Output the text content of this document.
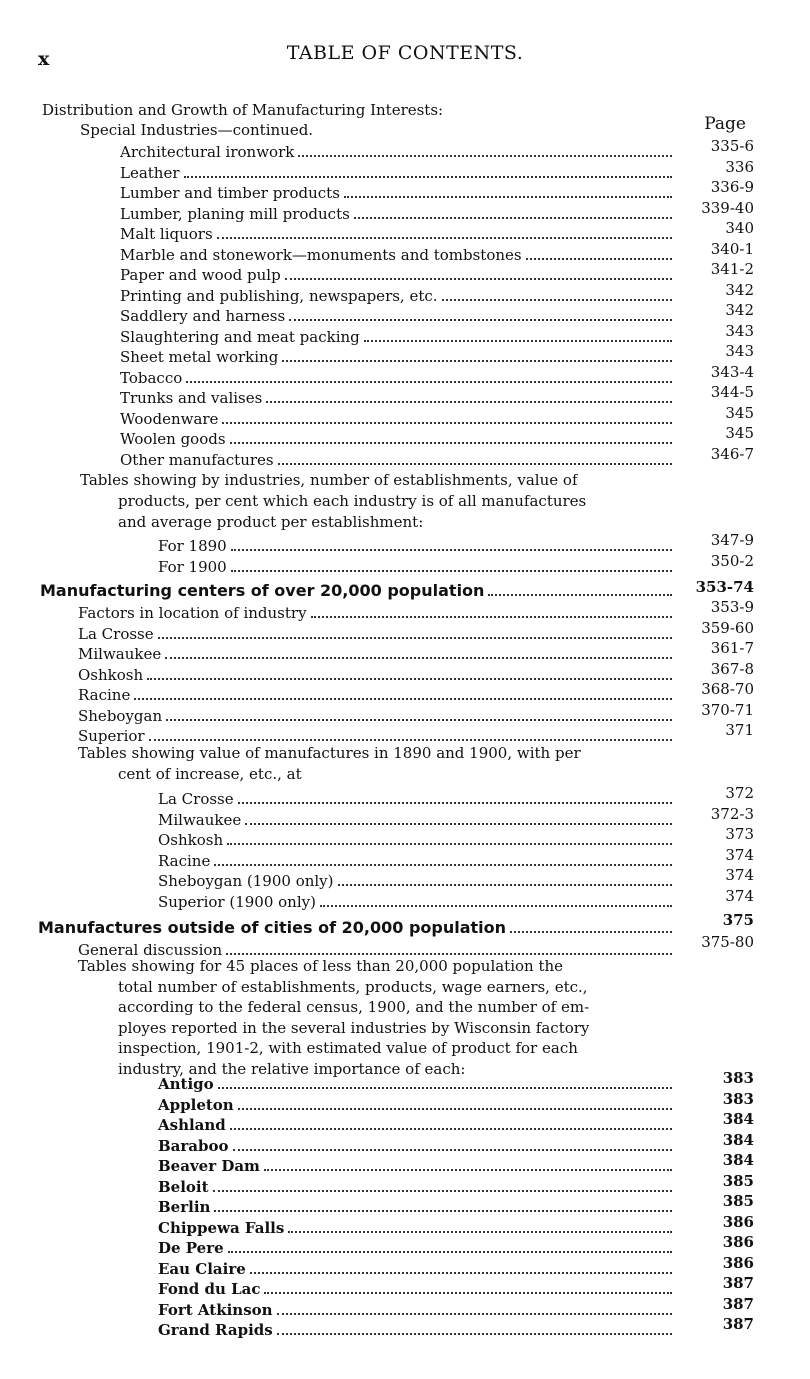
x	TABLE OF CONTENTS.
Page
Distribution and Growth of Manufacturing Interests:
Special Industries—continued.
Architectural ironwork	335-6
Leather	336
Lumber and timber products	336-9
Lumber, planing mill products	339-40
Malt liquors	340
Marble and stonework—monuments and tombstones	340-1
Paper and wood pulp	341-2
Printing and publishing, newspapers, etc.	342
Saddlery and harness	342
Slaughtering and meat packing	343
Sheet metal working	343
Tobacco	343-4
Trunks and valises	344-5
Woodenware	345
Woolen goods	345
Other manufactures	346-7
Tables showing by industries, number of establishments, value of
products, per cent which each industry is of all manufactures
and average product per establishment:
For 1890	347-9
For 1900	350-2
Manufacturing centers of over 20,000 population	353-74
Factors in location of industry	353-9
La Crosse	359-60
Milwaukee	361-7
Oshkosh	367-8
Racine	368-70
Sheboygan	370-71
Superior	371
Tables showing value of manufactures in 1890 and 1900, with per
cent of increase, etc., at
La Crosse	372
Milwaukee	372-3
Oshkosh	373
Racine	374
Sheboygan (1900 only)	374
Superior (1900 only)	374
Manufactures outside of cities of 20,000 population	375
General discussion	375-80
Tables showing for 45 places of less than 20,000 population the
total number of establishments, products, wage earners, etc.,
according to the federal census, 1900, and the number of em-
ployes reported in the several industries by Wisconsin factory
inspection, 1901-2, with estimated value of product for each
industry, and the relative importance of each:
Antigo	383
Appleton	383
Ashland	384
Baraboo	384
Beaver Dam	384
Beloit	385
Berlin	385
Chippewa Falls	386
De Pere	386
Eau Claire	386
Fond du Lac	387
Fort Atkinson	387
Grand Rapids	387
